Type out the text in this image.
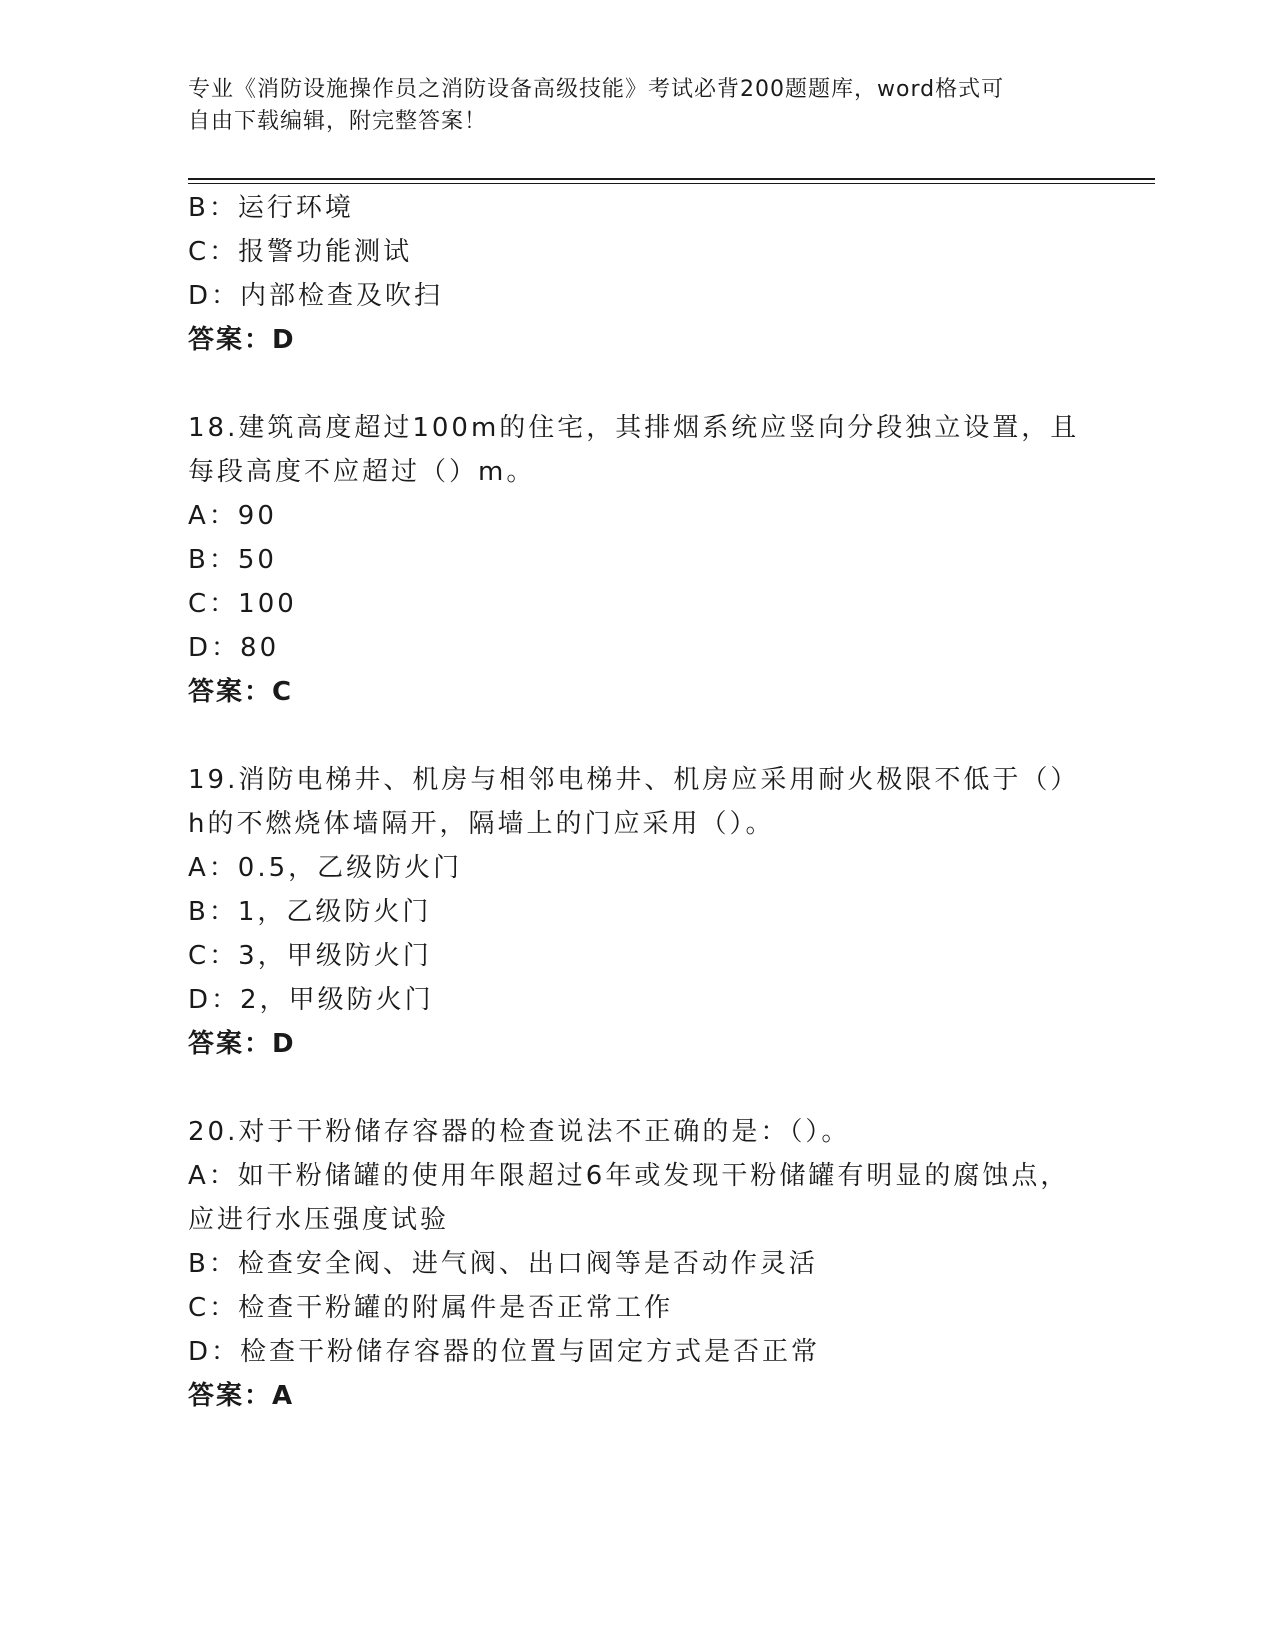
专业《消防设施操作员之消防设备高级技能》考试必背200题题库，word格式可
自由下载编辑，附完整答案！
B：运行环境
C：报警功能测试
D：内部检查及吹扫
答案：D
18.建筑高度超过100m的住宅，其排烟系统应竖向分段独立设置，且
每段高度不应超过（）m。
A：90
B：50
C：100
D：80
答案：C
19.消防电梯井、机房与相邻电梯井、机房应采用耐火极限不低于（）
h的不燃烧体墙隔开，隔墙上的门应采用（）。
A：0.5，乙级防火门
B：1，乙级防火门
C：3，甲级防火门
D：2，甲级防火门
答案：D
20.对于干粉储存容器的检查说法不正确的是：（）。
A：如干粉储罐的使用年限超过6年或发现干粉储罐有明显的腐蚀点，
应进行水压强度试验
B：检查安全阀、进气阀、出口阀等是否动作灵活
C：检查干粉罐的附属件是否正常工作
D：检查干粉储存容器的位置与固定方式是否正常
答案：A
